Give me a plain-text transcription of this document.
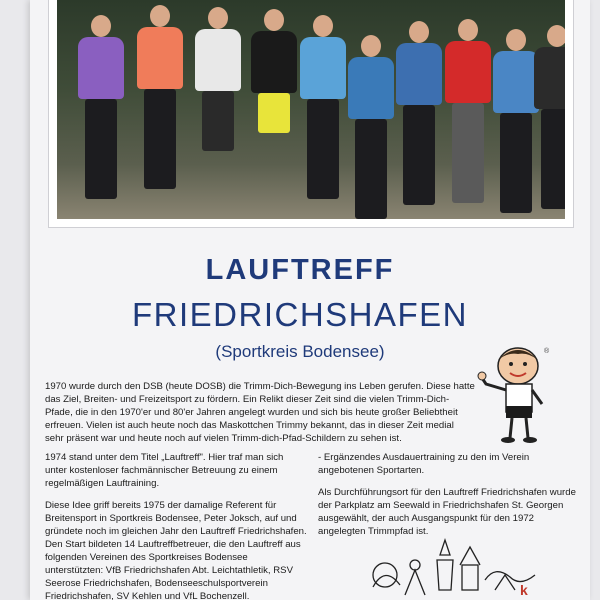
LAUFTREFF
FRIEDRICHSHAFEN
(Sportkreis Bodensee)	®
1970 wurde durch den DSB (heute DOSB) die Trimm-Dich-Bewegung ins Leben gerufen. Diese hatte das Ziel, Breiten- und Freizeitsport zu fördern. Ein Relikt dieser Zeit sind die vielen Trimm-Dich-Pfade, die in den 1970'er und 80'er Jahren angelegt wurden und sich bis heute großer Beliebtheit erfreuen. Vielen ist auch heute noch das Maskottchen Trimmy bekannt, das in dieser Zeit medial sehr präsent war und heute noch auf vielen Trimm-dich-Pfad-Schildern zu sehen ist.

1974 stand unter dem Titel „Lauftreff". Hier traf man sich unter kostenloser fachmännischer Betreuung zu einem regelmäßigen Lauftraining.

Diese Idee griff bereits 1975 der damalige Referent für Breitensport in Sportkreis Bodensee, Peter Joksch, auf und gründete noch im gleichen Jahr den Lauftreff Friedrichshafen. Den Start bildeten 14 Lauftreffbetreuer, die den Lauftreff aus folgenden Vereinen des Sportkreises Bodensee unterstützten: VfB Friedrichshafen Abt. Leichtathletik, RSV Seerose Friedrichshafen, Bodenseeschulsportverein Friedrichshafen, SV Kehlen und VfL Bochenzell.

- Ergänzendes Ausdauertraining zu den im Verein angebotenen Sportarten.

Als Durchführungsort für den Lauftreff Friedrichshafen wurde der Parkplatz am Seewald in Friedrichshafen St. Georgen ausgewählt, der auch Ausgangspunkt für den 1972 angelegten Trimmpfad ist.

k
